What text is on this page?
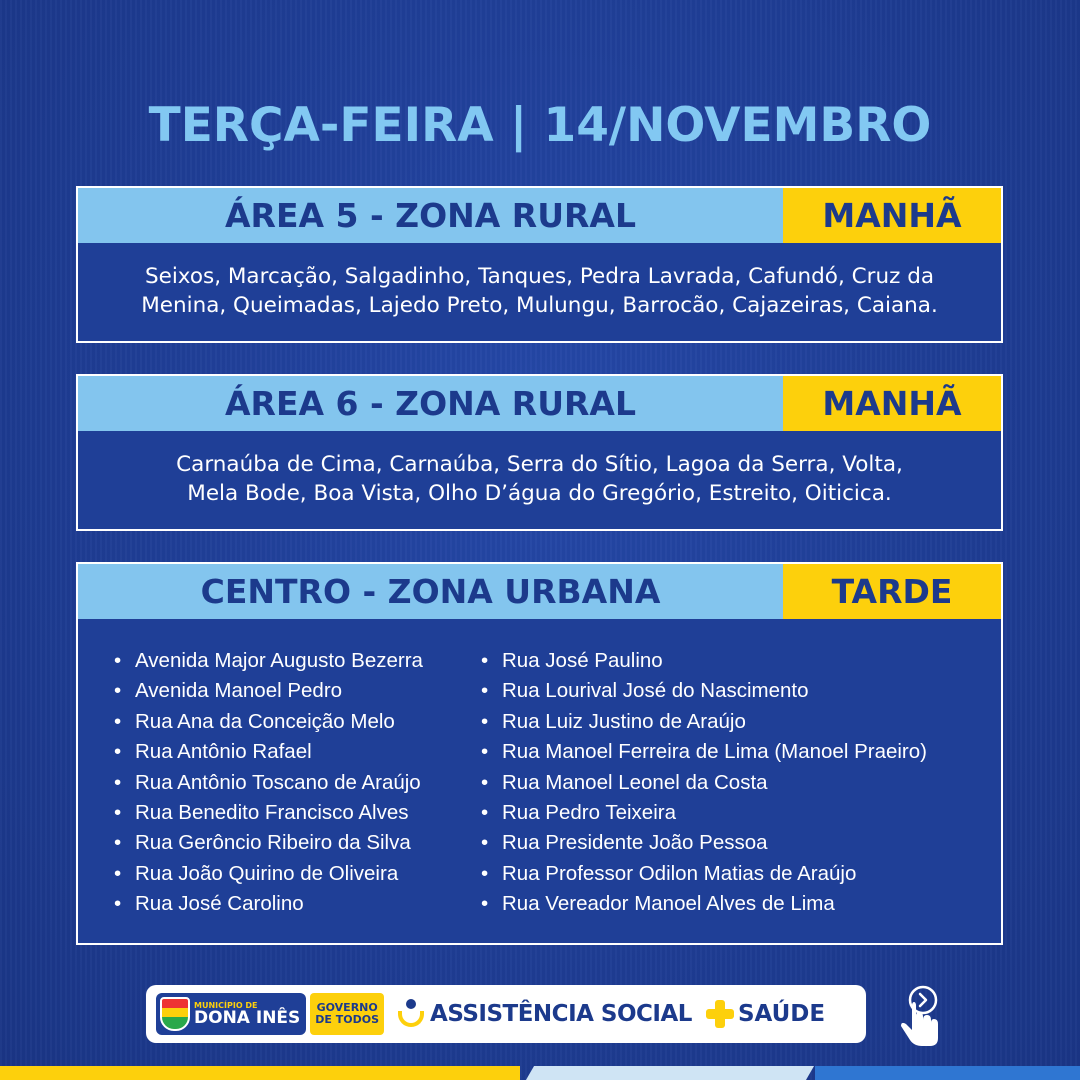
TERÇA-FEIRA | 14/NOVEMBRO
ÁREA 5 - ZONA RURAL	MANHÃ
Seixos, Marcação, Salgadinho, Tanques, Pedra Lavrada, Cafundó, Cruz da
Menina, Queimadas, Lajedo Preto, Mulungu, Barrocão, Cajazeiras, Caiana.
ÁREA 6 - ZONA RURAL	MANHÃ
Carnaúba de Cima, Carnaúba, Serra do Sítio, Lagoa da Serra, Volta,
Mela Bode, Boa Vista, Olho D’água do Gregório, Estreito, Oiticica.
CENTRO - ZONA URBANA	TARDE
• Avenida Major Augusto Bezerra
• Avenida Manoel Pedro
• Rua Ana da Conceição Melo
• Rua Antônio Rafael
• Rua Antônio Toscano de Araújo
• Rua Benedito Francisco Alves
• Rua Gerôncio Ribeiro da Silva
• Rua João Quirino de Oliveira
• Rua José Carolino
• Rua José Paulino
• Rua Lourival José do Nascimento
• Rua Luiz Justino de Araújo
• Rua Manoel Ferreira de Lima (Manoel Praeiro)
• Rua Manoel Leonel da Costa
• Rua Pedro Teixeira
• Rua Presidente João Pessoa
• Rua Professor Odilon Matias de Araújo
• Rua Vereador Manoel Alves de Lima
MUNICÍPIO DE
DONA INÊS GOVERNO
DE TODOS ASSISTÊNCIA SOCIAL SAÚDE
